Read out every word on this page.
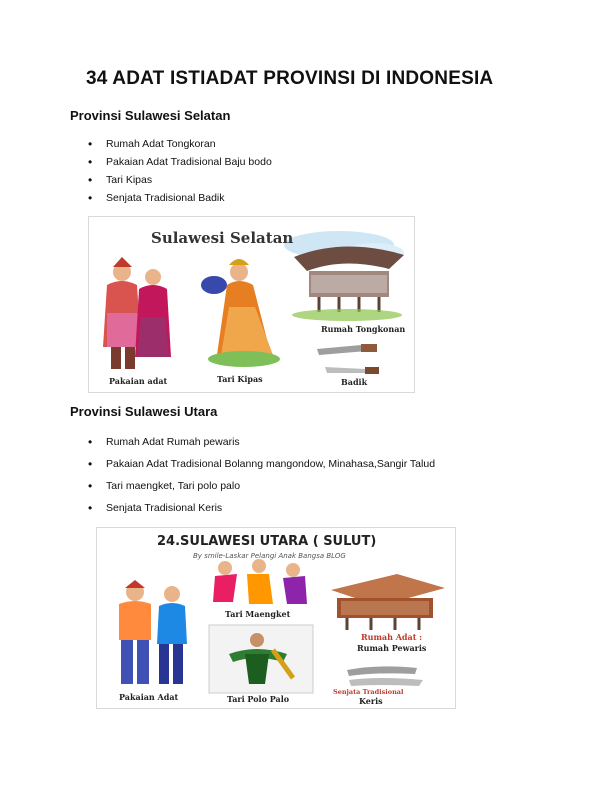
34 ADAT ISTIADAT PROVINSI DI INDONESIA
Provinsi Sulawesi Selatan
• Rumah Adat Tongkoran
• Pakaian Adat Tradisional Baju bodo
• Tari Kipas
• Senjata Tradisional Badik
Sulawesi Selatan
Pakaian adat	Tari Kipas
Rumah Tongkonan
Badik
Provinsi Sulawesi Utara
• Rumah Adat Rumah pewaris
• Pakaian Adat Tradisional Bolanng mangondow, Minahasa,Sangir Talud
• Tari maengket, Tari polo palo
• Senjata Tradisional Keris
24.SULAWESI UTARA ( SULUT)
By smile-Laskar Pelangi Anak Bangsa BLOG
Tari Maengket
Rumah Adat :
Rumah Pewaris
Tari Polo Palo
Pakaian Adat	Senjata Tradisional
Keris
